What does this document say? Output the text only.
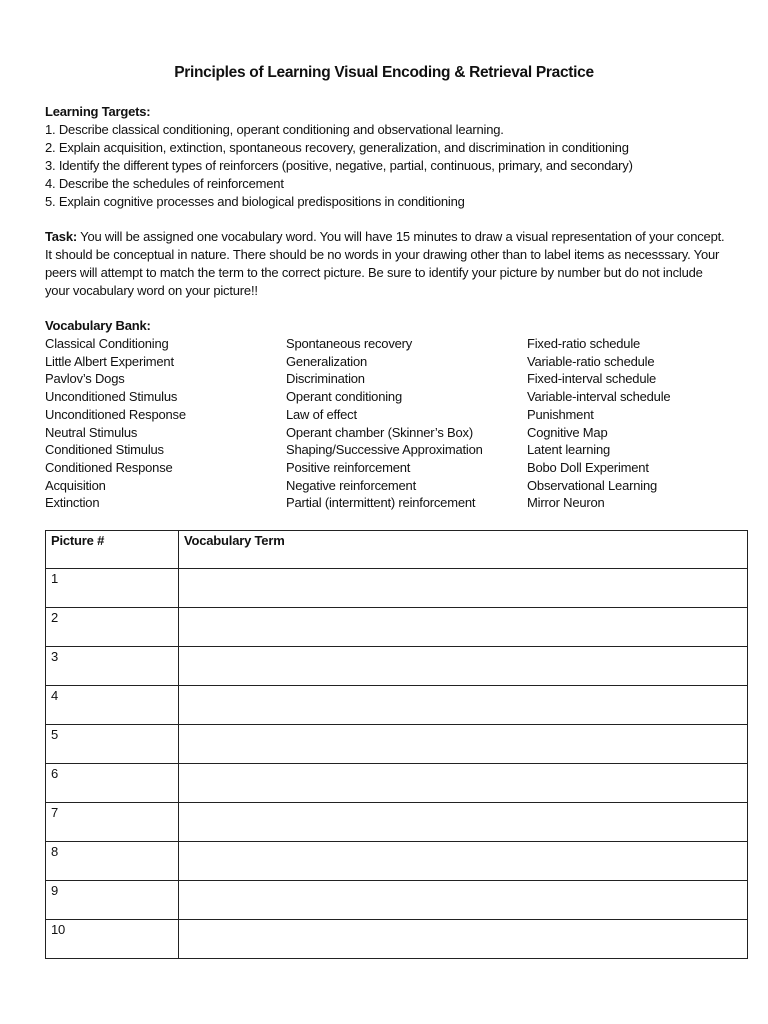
Principles of Learning Visual Encoding & Retrieval Practice
Learning Targets:
1. Describe classical conditioning, operant conditioning and observational learning.
2. Explain acquisition, extinction, spontaneous recovery, generalization, and discrimination in conditioning
3. Identify the different types of reinforcers (positive, negative, partial, continuous, primary, and secondary)
4. Describe the schedules of reinforcement
5. Explain cognitive processes and biological predispositions in conditioning
Task: You will be assigned one vocabulary word. You will have 15 minutes to draw a visual representation of your concept.
It should be conceptual in nature. There should be no words in your drawing other than to label items as necesssary. Your
peers will attempt to match the term to the correct picture. Be sure to identify your picture by number but do not include
your vocabulary word on your picture!!
Vocabulary Bank:
Classical Conditioning
Little Albert Experiment
Pavlov’s Dogs
Unconditioned Stimulus
Unconditioned Response
Neutral Stimulus
Conditioned Stimulus
Conditioned Response
Acquisition
Extinction
Spontaneous recovery
Generalization
Discrimination
Operant conditioning
Law of effect
Operant chamber (Skinner’s Box)
Shaping/Successive Approximation
Positive reinforcement
Negative reinforcement
Partial (intermittent) reinforcement
Fixed-ratio schedule
Variable-ratio schedule
Fixed-interval schedule
Variable-interval schedule
Punishment
Cognitive Map
Latent learning
Bobo Doll Experiment
Observational Learning
Mirror Neuron
Picture #	Vocabulary Term
1	
2	
3	
4	
5	
6	
7	
8	
9	
10	
